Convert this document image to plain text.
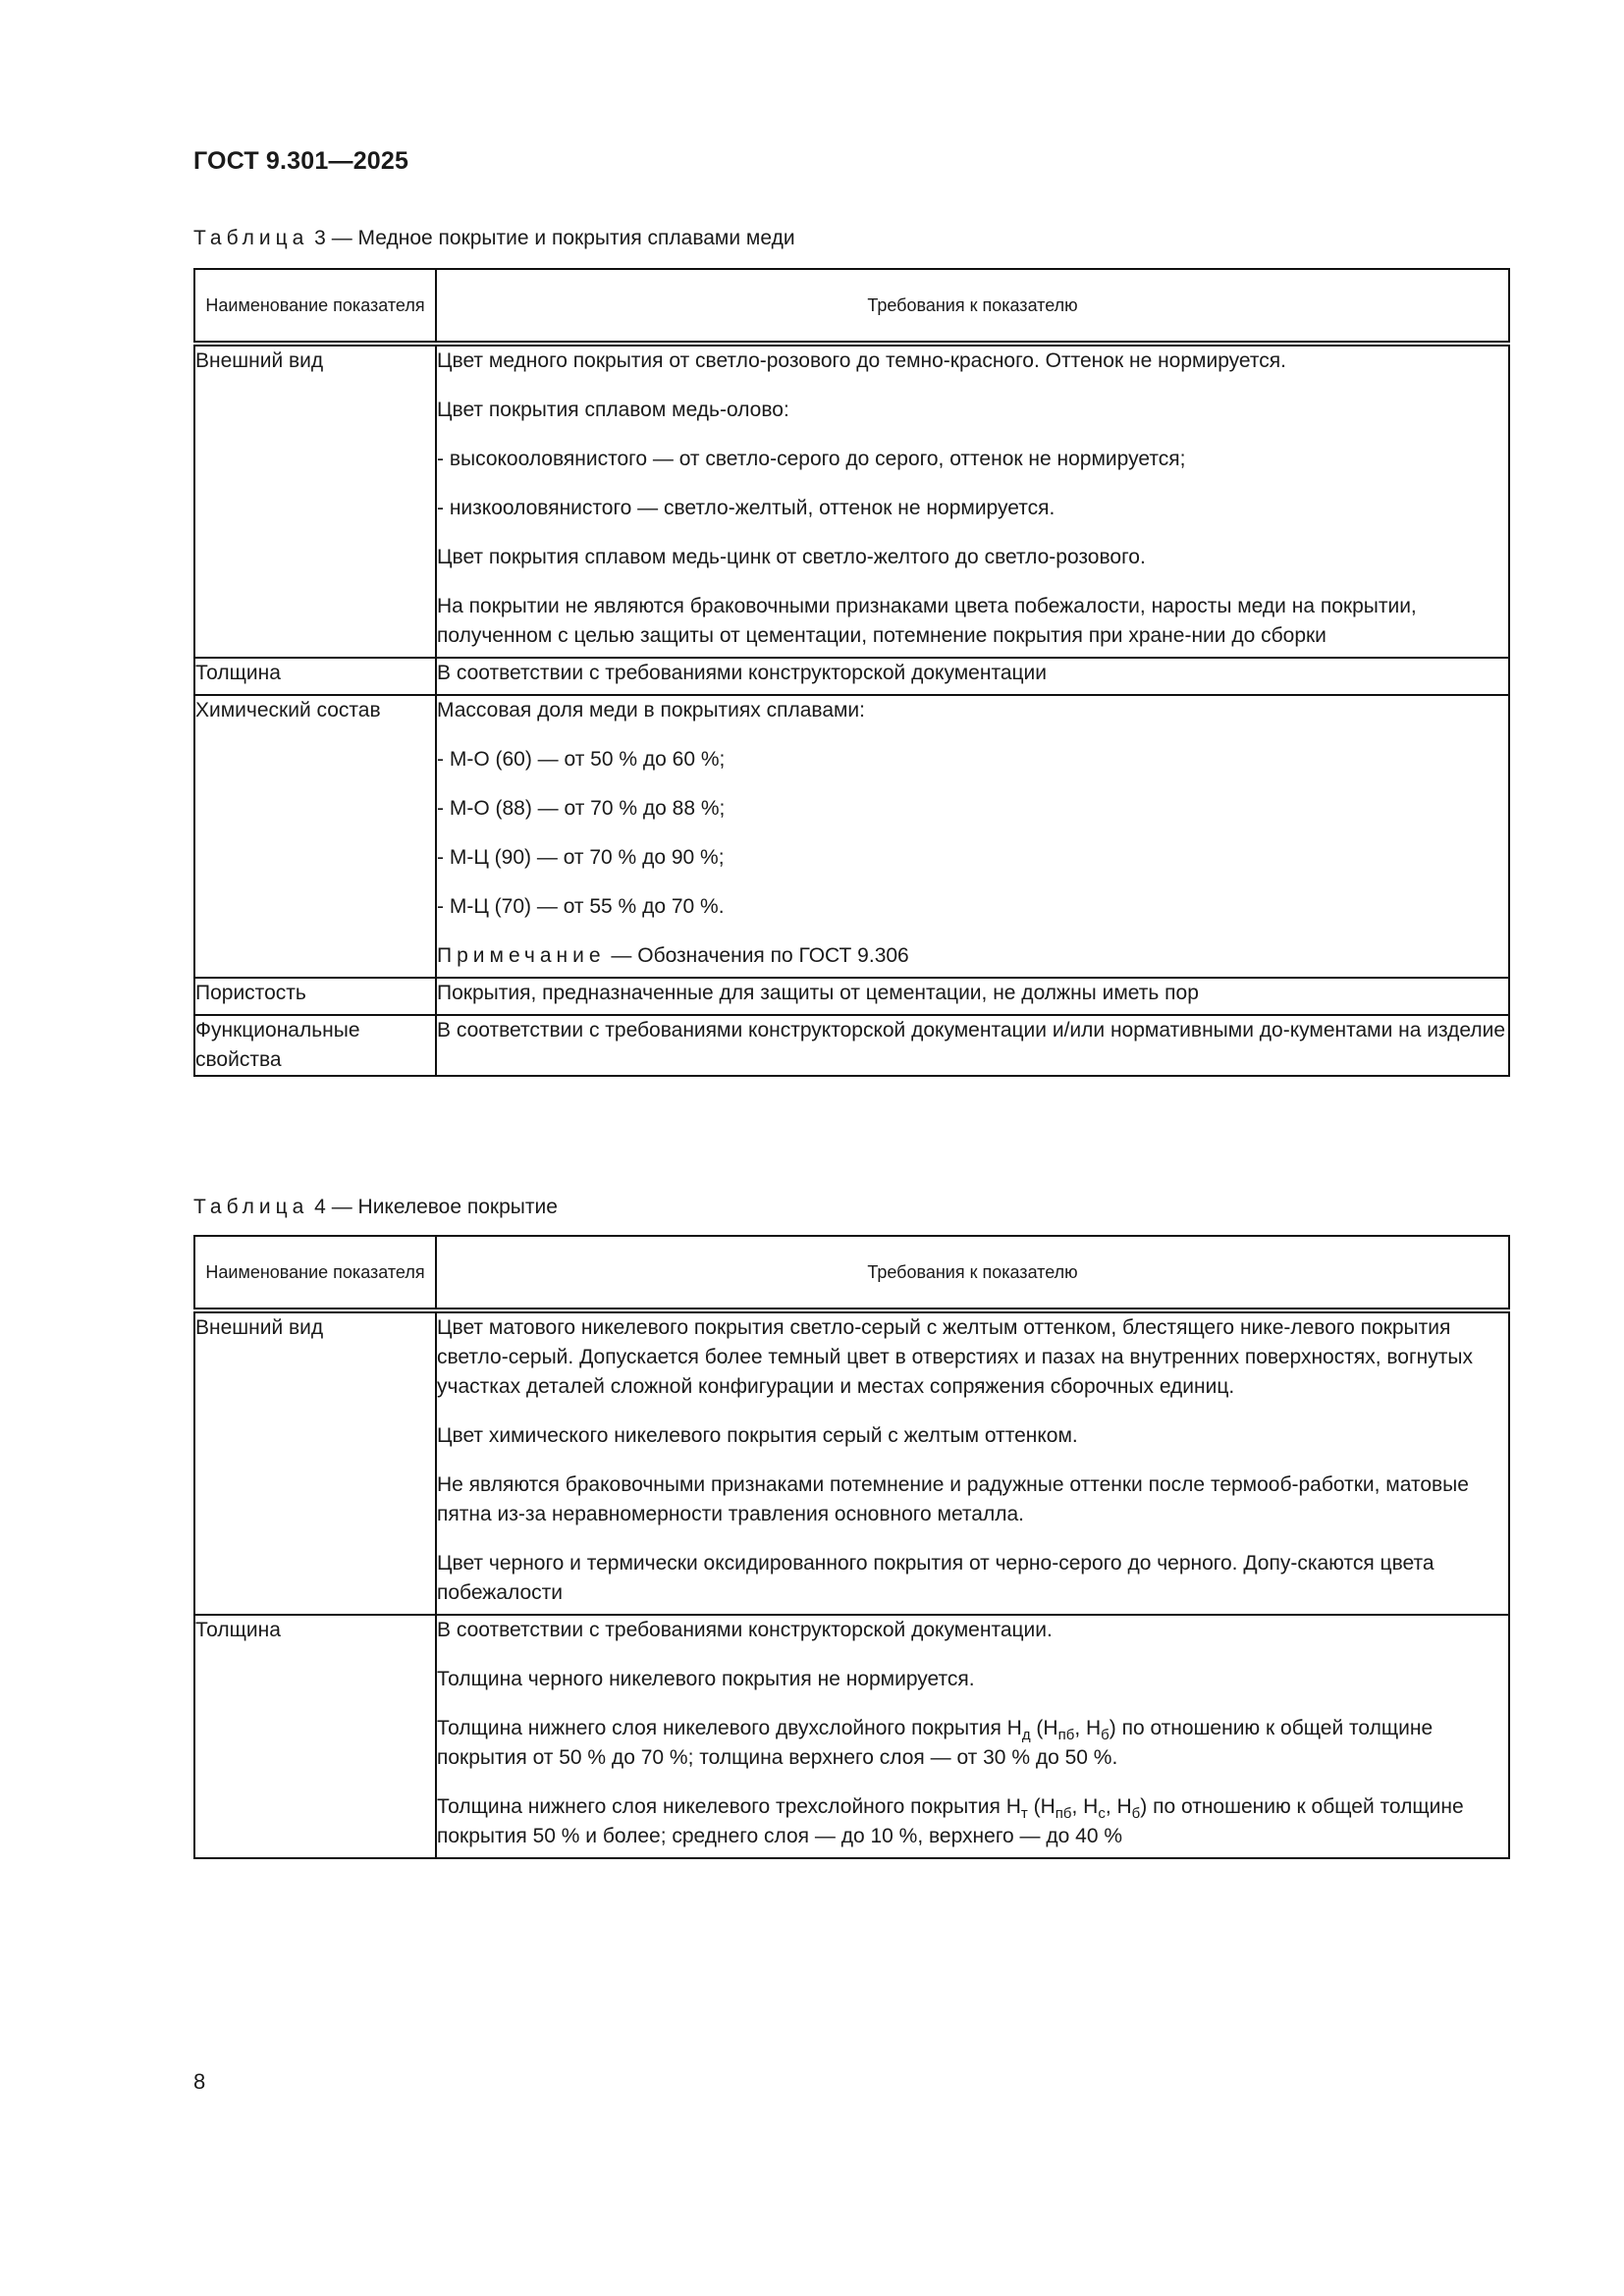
ГОСТ 9.301—2025
Таблица 3 — Медное покрытие и покрытия сплавами меди
Наименование показателя	Требования к показателю
Внешний вид	Цвет медного покрытия от светло-розового до темно-красного. Оттенок не нормируется.

Цвет покрытия сплавом медь-олово:

- высокооловянистого — от светло-серого до серого, оттенок не нормируется;

- низкооловянистого — светло-желтый, оттенок не нормируется.

Цвет покрытия сплавом медь-цинк от светло-желтого до светло-розового.

На покрытии не являются браковочными признаками цвета побежалости, наросты меди на покрытии, полученном с целью защиты от цементации, потемнение покрытия при хране-нии до сборки

Толщина	В соответствии с требованиями конструкторской документации

Химический состав	Массовая доля меди в покрытиях сплавами:

- М-О (60) — от 50 % до 60 %;

- М-О (88) — от 70 % до 88 %;

- М-Ц (90) — от 70 % до 90 %;

- М-Ц (70) — от 55 % до 70 %.

Примечание — Обозначения по ГОСТ 9.306

Пористость	Покрытия, предназначенные для защиты от цементации, не должны иметь пор

Функциональные свойства	В соответствии с требованиями конструкторской документации и/или нормативными до-кументами на изделие

Таблица 4 — Никелевое покрытие
Наименование показателя	Требования к показателю
Внешний вид	Цвет матового никелевого покрытия светло-серый с желтым оттенком, блестящего нике-левого покрытия светло-серый. Допускается более темный цвет в отверстиях и пазах на внутренних поверхностях, вогнутых участках деталей сложной конфигурации и местах сопряжения сборочных единиц.

Цвет химического никелевого покрытия серый с желтым оттенком.

Не являются браковочными признаками потемнение и радужные оттенки после термооб-работки, матовые пятна из-за неравномерности травления основного металла.

Цвет черного и термически оксидированного покрытия от черно-серого до черного. Допу-скаются цвета побежалости

Толщина	В соответствии с требованиями конструкторской документации.

Толщина черного никелевого покрытия не нормируется.

Толщина нижнего слоя никелевого двухслойного покрытия $Н_д$ ($Н_{пб}$, $Н_б$) по отношению к общей толщине покрытия от 50 % до 70 %; толщина верхнего слоя — от 30 % до 50 %.

Толщина нижнего слоя никелевого трехслойного покрытия $Н_т$ ($Н_{пб}$, $Н_с$, $Н_б$) по отношению к общей толщине покрытия 50 % и более; среднего слоя — до 10 %, верхнего — до 40 %

8
